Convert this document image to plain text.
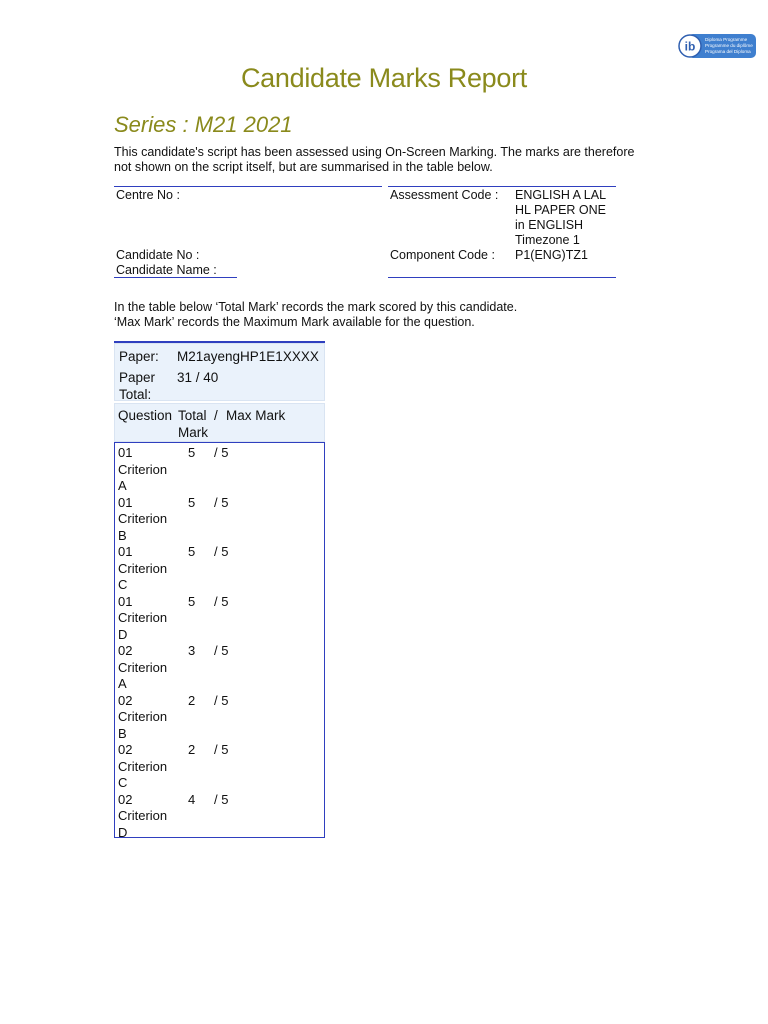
ib Diploma Programme
Programme du diplôme
Programa del Diploma
Candidate Marks Report
Series : M21 2021
This candidate's script has been assessed using On-Screen Marking. The marks are therefore not shown on the script itself, but are summarised in the table below.
Centre No :	Assessment Code : ENGLISH A LAL
HL PAPER ONE
in ENGLISH
Timezone 1
Candidate No :
Candidate Name :
Component Code : P1(ENG)TZ1
In the table below ‘Total Mark’ records the mark scored by this candidate.
‘Max Mark’ records the Maximum Mark available for the question.
Paper: M21ayengHP1E1XXXX
Paper Total:
31 / 40
Question Total Mark
/ Max Mark
01 Criterion A
5 / 5
01 Criterion B
5 / 5
01 Criterion C
5 / 5
01 Criterion D
5 / 5
02 Criterion A
3 / 5
02 Criterion B
2 / 5
02 Criterion C
2 / 5
02 Criterion D
4 / 5
